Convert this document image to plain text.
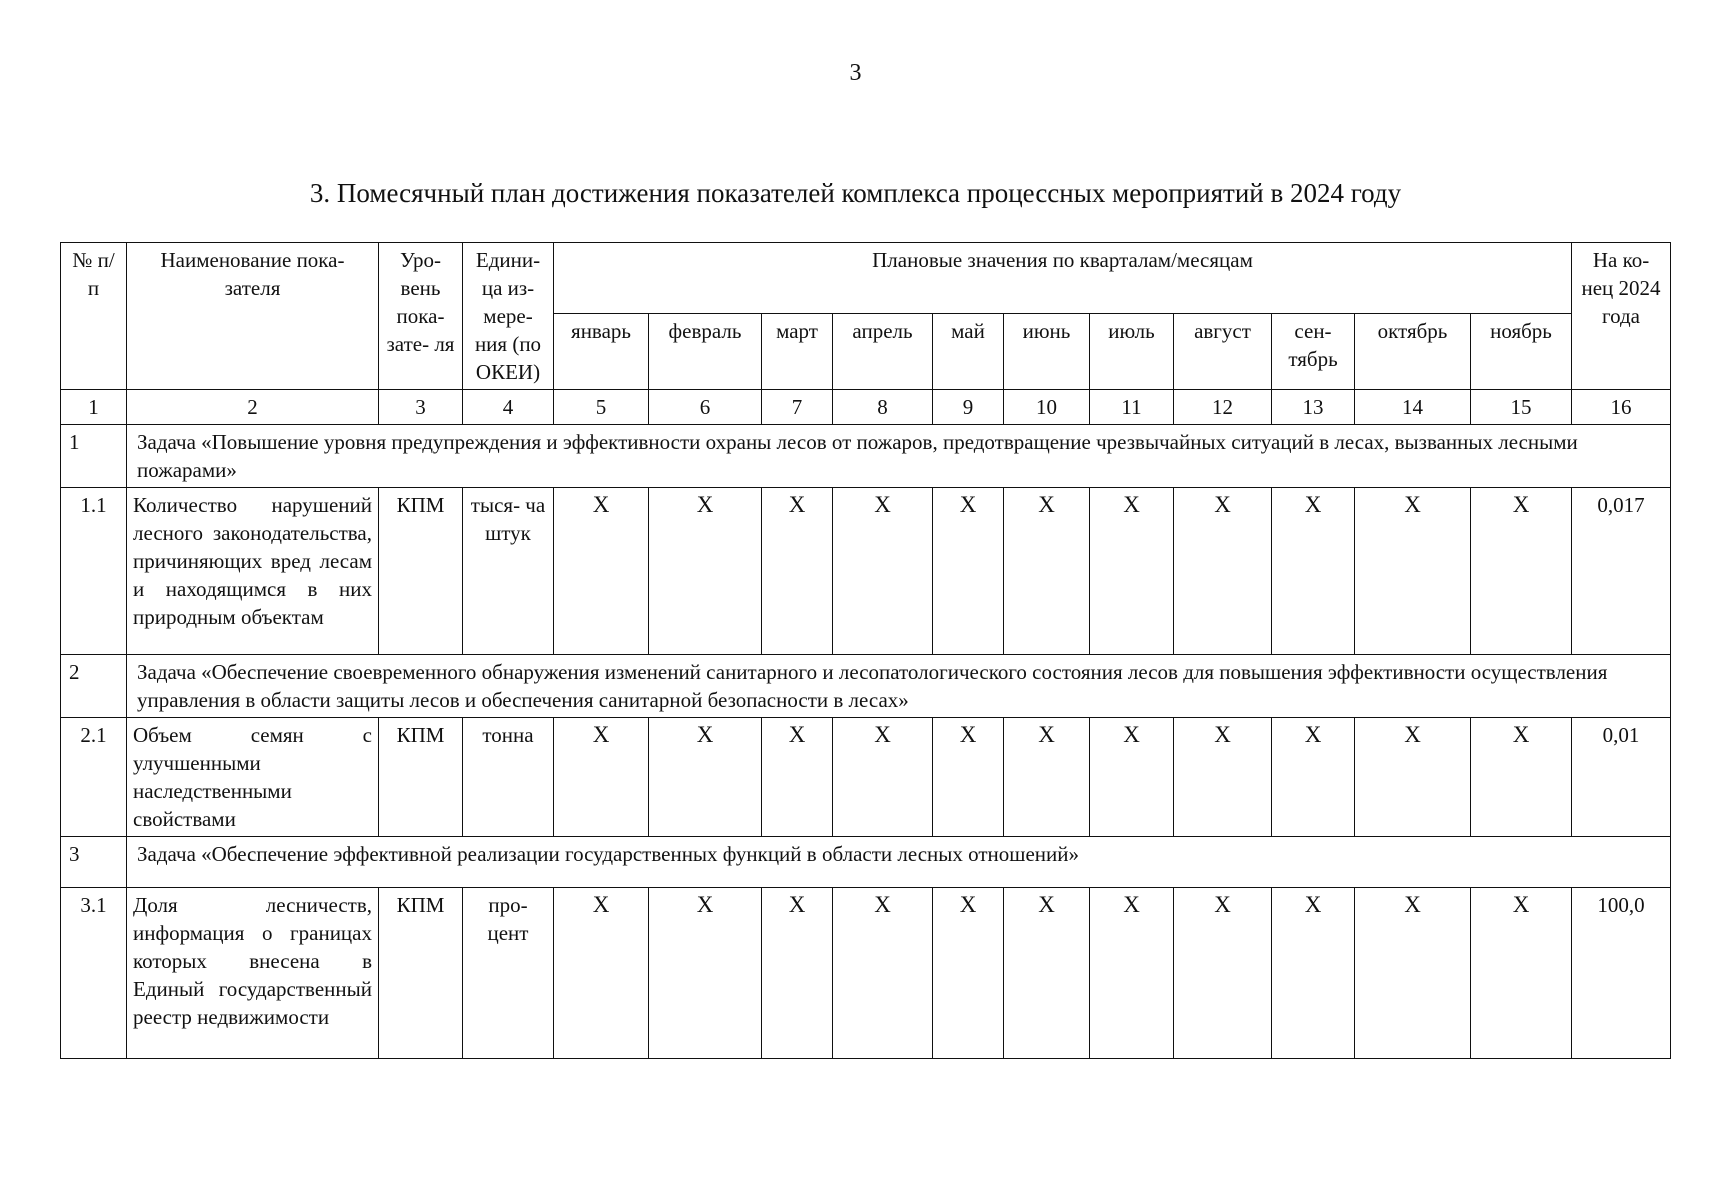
3
3. Помесячный план достижения показателей комплекса процессных мероприятий в 2024 году
№ п/п	Наименование пока- зателя	Уро- вень пока- зате- ля	Едини- ца из- мере- ния (по ОКЕИ)	Плановые значения по кварталам/месяцам											На ко- нец 2024 года
				январь	февраль	март	апрель	май	июнь	июль	август	сен- тябрь	октябрь	ноябрь	
1	2	3	4	5	6	7	8	9	10	11	12	13	14	15	16
1	Задача «Повышение уровня предупреждения и эффективности охраны лесов от пожаров, предотвращение чрезвычайных ситуаций в лесах, вызванных лесными пожарами»														
1.1	Количество нарушений лесного законодательства, причиняющих вред лесам и находящимся в них природным объектам	КПМ	тыся- ча штук	X	X	X	X	X	X	X	X	X	X	X	0,017
2	Задача «Обеспечение своевременного обнаружения изменений санитарного и лесопатологического состояния лесов для повышения эффективности осуществления управления в области защиты лесов и обеспечения санитарной безопасности в лесах»														
2.1	Объем семян с улучшенными наследственными свойствами	КПМ	тонна	X	X	X	X	X	X	X	X	X	X	X	0,01
3	Задача «Обеспечение эффективной реализации государственных функций в области лесных отношений»														
3.1	Доля лесничеств, информация о границах которых внесена в Единый государственный реестр недвижимости	КПМ	про- цент	X	X	X	X	X	X	X	X	X	X	X	100,0
